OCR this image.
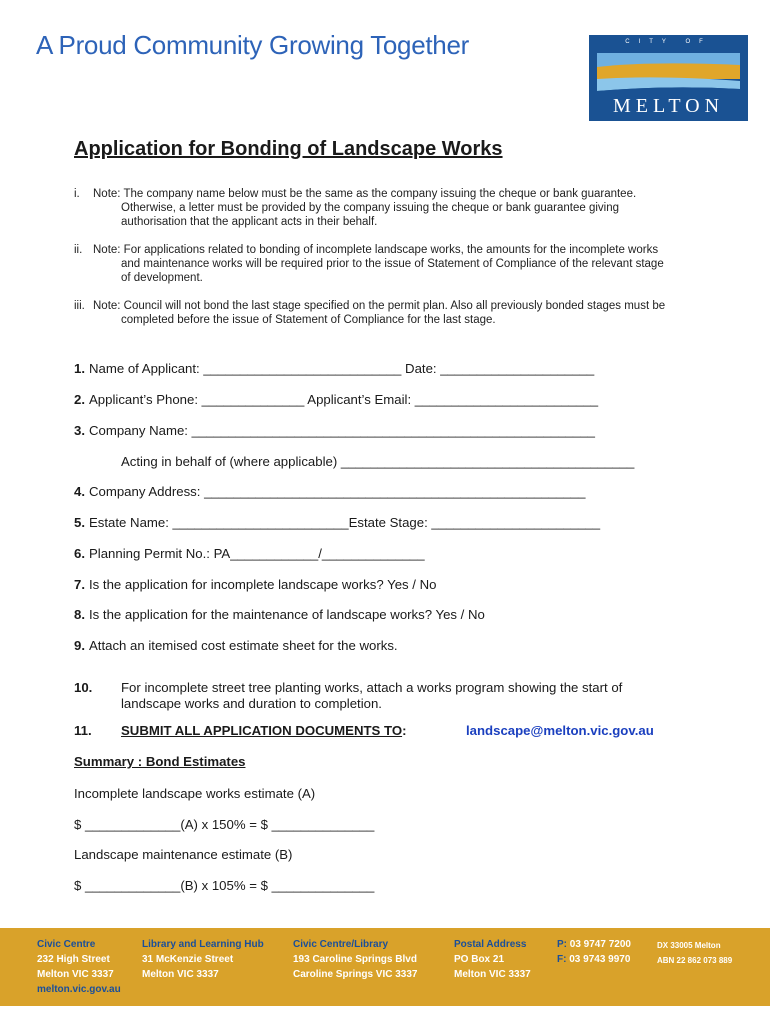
A Proud Community Growing Together	CITY OF
MELTON
Application for Bonding of Landscape Works
i.	Note: The company name below must be the same as the company issuing the cheque or bank guarantee. Otherwise, a letter must be provided by the company issuing the cheque or bank guarantee giving authorisation that the applicant acts in their behalf.
ii. Note: For applications related to bonding of incomplete landscape works, the amounts for the incomplete works and maintenance works will be required prior to the issue of Statement of Compliance of the relevant stage of development.
iii. Note: Council will not bond the last stage specified on the permit plan. Also all previously bonded stages must be completed before the issue of Statement of Compliance for the last stage.
1. Name of Applicant: ___________________________ Date: _____________________
2. Applicant’s Phone: ______________ Applicant’s Email: _________________________
3. Company Name: _______________________________________________________
Acting in behalf of (where applicable) ________________________________________
4. Company Address: ____________________________________________________
5. Estate Name: ________________________Estate Stage: _______________________
6. Planning Permit No.: PA____________/______________
7. Is the application for incomplete landscape works? Yes / No
8. Is the application for the maintenance of landscape works? Yes / No
9. Attach an itemised cost estimate sheet for the works.
10.	For incomplete street tree planting works, attach a works program showing the start of landscape works and duration to completion.
11. SUBMIT ALL APPLICATION DOCUMENTS TO:	landscape@melton.vic.gov.au
Summary : Bond Estimates
Incomplete landscape works estimate (A)
$ _____________(A) x 150% = $ ______________
Landscape maintenance estimate (B)
$ _____________(B) x 105% = $ ______________
Civic Centre
232 High Street
Melton VIC 3337
melton.vic.gov.au
Library and Learning Hub
31 McKenzie Street
Melton VIC 3337
Civic Centre/Library
193 Caroline Springs Blvd
Caroline Springs VIC 3337
Postal Address
PO Box 21
Melton VIC 3337
P: 03 9747 7200
F: 03 9743 9970
DX 33005 Melton
ABN 22 862 073 889
